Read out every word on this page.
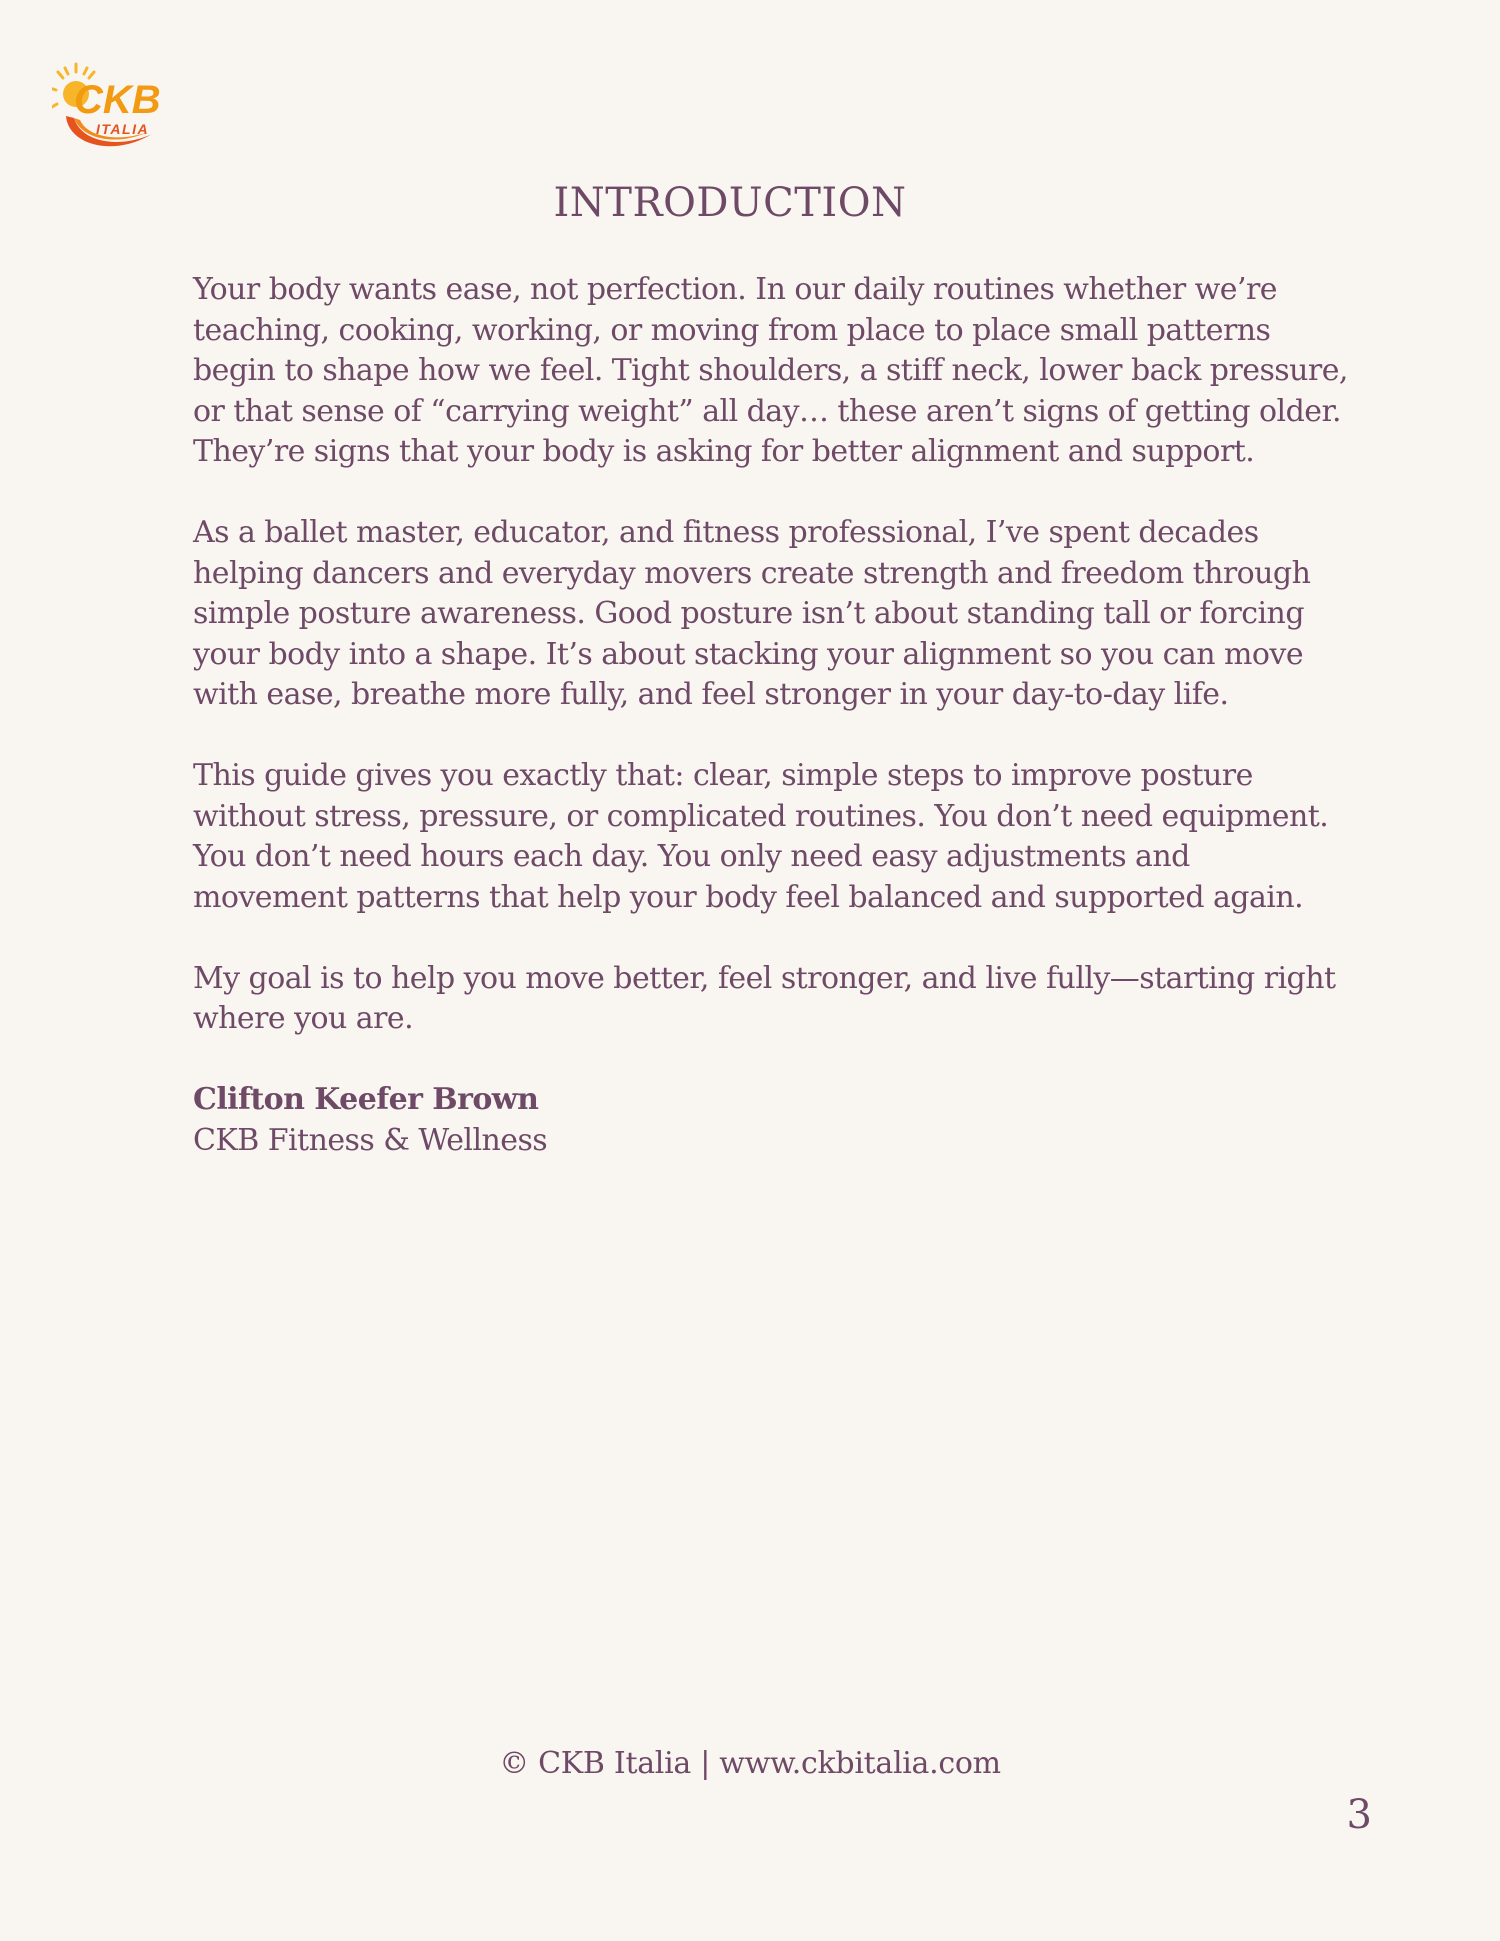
CKB
ITALIA
INTRODUCTION

Your body wants ease, not perfection. In our daily routines whether we’re teaching, cooking, working, or moving from place to place small patterns begin to shape how we feel. Tight shoulders, a stiff neck, lower back pressure, or that sense of “carrying weight” all day… these aren’t signs of getting older. They’re signs that your body is asking for better alignment and support.

As a ballet master, educator, and fitness professional, I’ve spent decades helping dancers and everyday movers create strength and freedom through simple posture awareness. Good posture isn’t about standing tall or forcing your body into a shape. It’s about stacking your alignment so you can move with ease, breathe more fully, and feel stronger in your day-to-day life.

This guide gives you exactly that: clear, simple steps to improve posture without stress, pressure, or complicated routines. You don’t need equipment. You don’t need hours each day. You only need easy adjustments and movement patterns that help your body feel balanced and supported again.

My goal is to help you move better, feel stronger, and live fully—starting right where you are.

Clifton Keefer Brown
CKB Fitness & Wellness
© CKB Italia | www.ckbitalia.com
3
